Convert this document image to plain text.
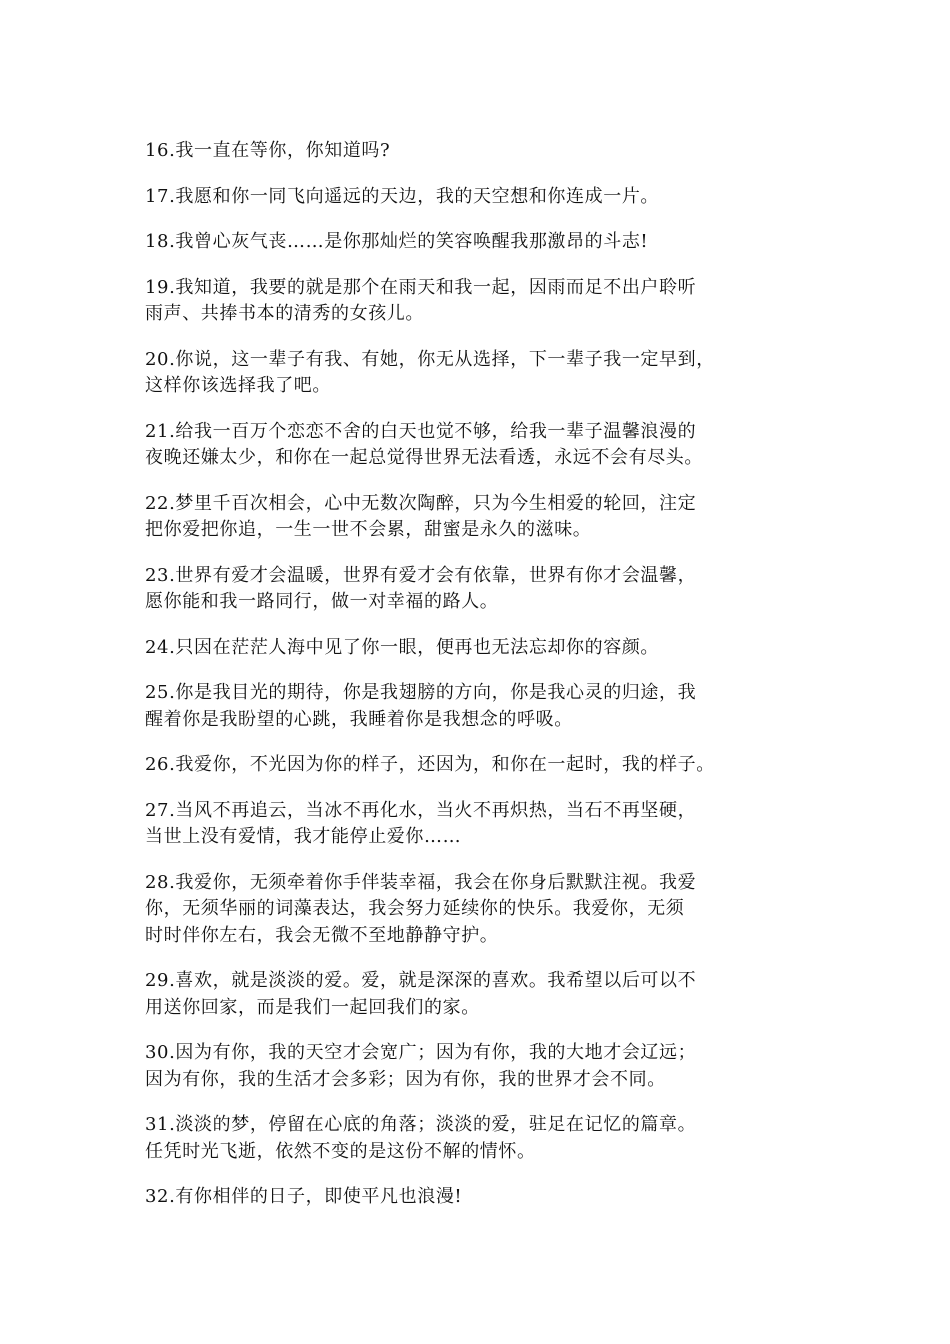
16.我一直在等你，你知道吗?

17.我愿和你一同飞向遥远的天边，我的天空想和你连成一片。

18.我曾心灰气丧……是你那灿烂的笑容唤醒我那激昂的斗志!

19.我知道，我要的就是那个在雨天和我一起，因雨而足不出户聆听
雨声、共捧书本的清秀的女孩儿。

20.你说，这一辈子有我、有她，你无从选择，下一辈子我一定早到，
这样你该选择我了吧。

21.给我一百万个恋恋不舍的白天也觉不够，给我一辈子温馨浪漫的
夜晚还嫌太少，和你在一起总觉得世界无法看透，永远不会有尽头。

22.梦里千百次相会，心中无数次陶醉，只为今生相爱的轮回，注定
把你爱把你追，一生一世不会累，甜蜜是永久的滋味。

23.世界有爱才会温暖，世界有爱才会有依靠，世界有你才会温馨，
愿你能和我一路同行，做一对幸福的路人。

24.只因在茫茫人海中见了你一眼，便再也无法忘却你的容颜。

25.你是我目光的期待，你是我翅膀的方向，你是我心灵的归途，我
醒着你是我盼望的心跳，我睡着你是我想念的呼吸。

26.我爱你，不光因为你的样子，还因为，和你在一起时，我的样子。

27.当风不再追云，当冰不再化水，当火不再炽热，当石不再坚硬，
当世上没有爱情，我才能停止爱你……

28.我爱你，无须牵着你手伴装幸福，我会在你身后默默注视。我爱
你，无须华丽的词藻表达，我会努力延续你的快乐。我爱你，无须
时时伴你左右，我会无微不至地静静守护。

29.喜欢，就是淡淡的爱。爱，就是深深的喜欢。我希望以后可以不
用送你回家，而是我们一起回我们的家。

30.因为有你，我的天空才会宽广；因为有你，我的大地才会辽远；
因为有你，我的生活才会多彩；因为有你，我的世界才会不同。

31.淡淡的梦，停留在心底的角落；淡淡的爱，驻足在记忆的篇章。
任凭时光飞逝，依然不变的是这份不解的情怀。

32.有你相伴的日子，即使平凡也浪漫!
